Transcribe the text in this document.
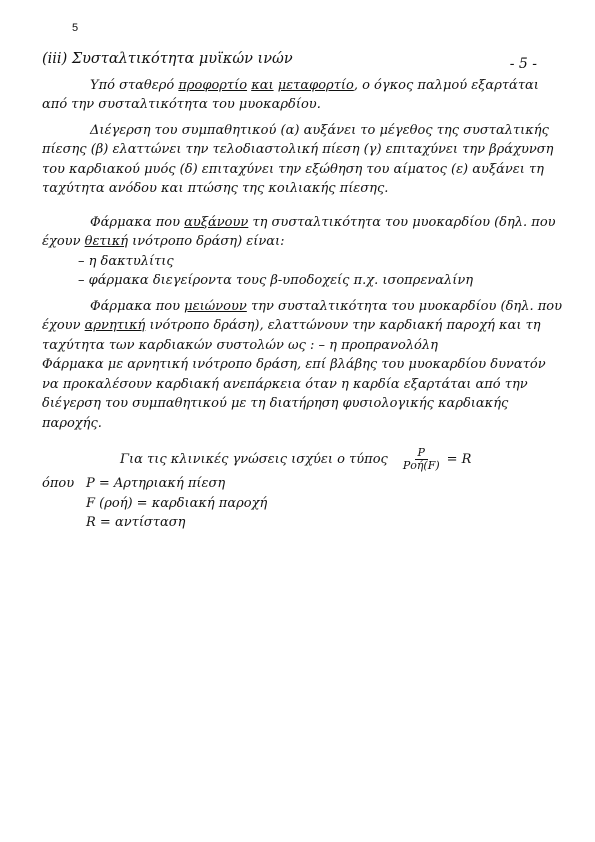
5
- 5 -

(iii) Συσταλτικότητα μυϊκών ινών

Υπό σταθερό προφορτίο και μεταφορτίο, ο όγκος παλμού εξαρτάται από την συσταλτικότητα του μυοκαρδίου.

Διέγερση του συμπαθητικού (α) αυξάνει το μέγεθος της συσταλτικής πίεσης (β) ελαττώνει την τελοδιαστολική πίεση (γ) επιταχύνει την βράχυνση του καρδιακού μυός (δ) επιταχύνει την εξώθηση του αίματος (ε) αυξάνει τη ταχύτητα ανόδου και πτώσης της κοιλιακής πίεσης.

Φάρμακα που αυξάνουν τη συσταλτικότητα του μυοκαρδίου (δηλ. που έχουν θετική ινότροπο δράση) είναι:

– η δακτυλίτις

– φάρμακα διεγείροντα τους β-υποδοχείς π.χ. ισοπρεναλίνη

Φάρμακα που μειώνουν την συσταλτικότητα του μυοκαρδίου (δηλ. που έχουν αρνητική ινότροπο δράση), ελαττώνουν την καρδιακή παροχή και τη ταχύτητα των καρδιακών συστολών ως : – η προπρανολόλη

Φάρμακα με αρνητική ινότροπο δράση, επί βλάβης του μυοκαρδίου δυνατόν να προκαλέσουν καρδιακή ανεπάρκεια όταν η καρδία εξαρτάται από την διέγερση του συμπαθητικού με τη διατήρηση φυσιολογικής καρδιακής παροχής.

Για τις κλινικές γνώσεις ισχύει ο τύπος $\frac{P}{\text{Ροή(F)}} = R$
όπου P = Αρτηριακή πίεση
F (ροή) = καρδιακή παροχή
R = αντίσταση
